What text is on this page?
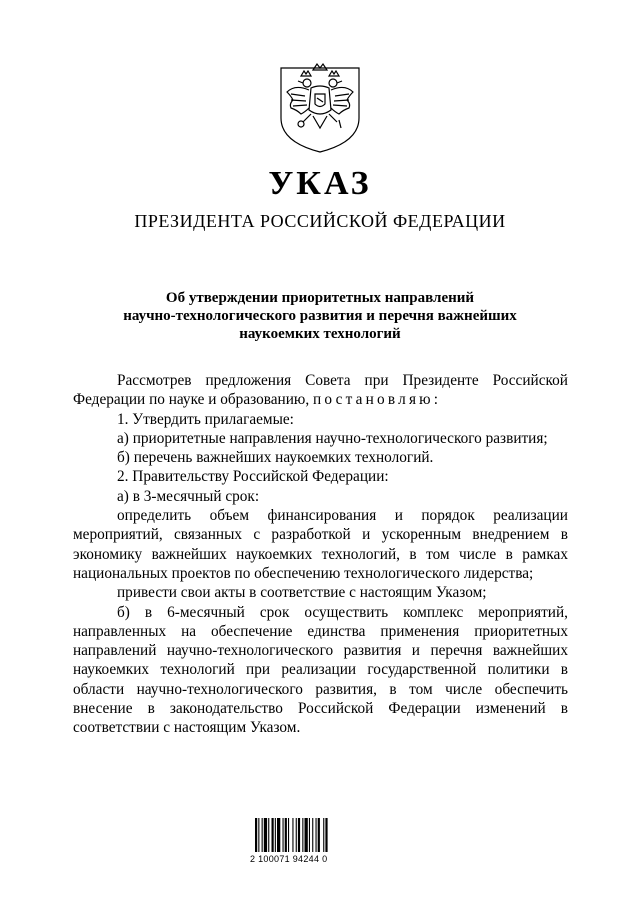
УКАЗ
ПРЕЗИДЕНТА РОССИЙСКОЙ ФЕДЕРАЦИИ
Об утверждении приоритетных направлений
научно-технологического развития и перечня важнейших
наукоемких технологий

Рассмотрев предложения Совета при Президенте Российской Федерации по науке и образованию, постановляю:

1. Утвердить прилагаемые:

а) приоритетные направления научно-технологического развития;

б) перечень важнейших наукоемких технологий.

2. Правительству Российской Федерации:

а) в 3-месячный срок:

определить объем финансирования и порядок реализации мероприятий, связанных с разработкой и ускоренным внедрением в экономику важнейших наукоемких технологий, в том числе в рамках национальных проектов по обеспечению технологического лидерства;

привести свои акты в соответствие с настоящим Указом;

б) в 6-месячный срок осуществить комплекс мероприятий, направленных на обеспечение единства применения приоритетных направлений научно-технологического развития и перечня важнейших наукоемких технологий при реализации государственной политики в области научно-технологического развития, в том числе обеспечить внесение в законодательство Российской Федерации изменений в соответствии с настоящим Указом.

2 100071 94244 0
